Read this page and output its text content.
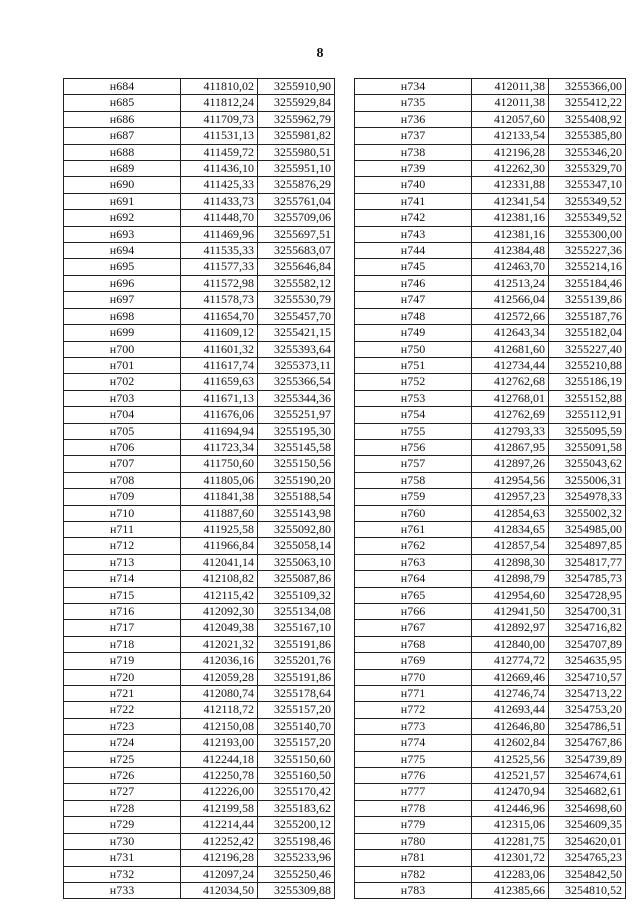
8
н684	411810,02	3255910,90
н685	411812,24	3255929,84
н686	411709,73	3255962,79
н687	411531,13	3255981,82
н688	411459,72	3255980,51
н689	411436,10	3255951,10
н690	411425,33	3255876,29
н691	411433,73	3255761,04
н692	411448,70	3255709,06
н693	411469,96	3255697,51
н694	411535,33	3255683,07
н695	411577,33	3255646,84
н696	411572,98	3255582,12
н697	411578,73	3255530,79
н698	411654,70	3255457,70
н699	411609,12	3255421,15
н700	411601,32	3255393,64
н701	411617,74	3255373,11
н702	411659,63	3255366,54
н703	411671,13	3255344,36
н704	411676,06	3255251,97
н705	411694,94	3255195,30
н706	411723,34	3255145,58
н707	411750,60	3255150,56
н708	411805,06	3255190,20
н709	411841,38	3255188,54
н710	411887,60	3255143,98
н711	411925,58	3255092,80
н712	411966,84	3255058,14
н713	412041,14	3255063,10
н714	412108,82	3255087,86
н715	412115,42	3255109,32
н716	412092,30	3255134,08
н717	412049,38	3255167,10
н718	412021,32	3255191,86
н719	412036,16	3255201,76
н720	412059,28	3255191,86
н721	412080,74	3255178,64
н722	412118,72	3255157,20
н723	412150,08	3255140,70
н724	412193,00	3255157,20
н725	412244,18	3255150,60
н726	412250,78	3255160,50
н727	412226,00	3255170,42
н728	412199,58	3255183,62
н729	412214,44	3255200,12
н730	412252,42	3255198,46
н731	412196,28	3255233,96
н732	412097,24	3255250,46
н733	412034,50	3255309,88
н734	412011,38	3255366,00
н735	412011,38	3255412,22
н736	412057,60	3255408,92
н737	412133,54	3255385,80
н738	412196,28	3255346,20
н739	412262,30	3255329,70
н740	412331,88	3255347,10
н741	412341,54	3255349,52
н742	412381,16	3255349,52
н743	412381,16	3255300,00
н744	412384,48	3255227,36
н745	412463,70	3255214,16
н746	412513,24	3255184,46
н747	412566,04	3255139,86
н748	412572,66	3255187,76
н749	412643,34	3255182,04
н750	412681,60	3255227,40
н751	412734,44	3255210,88
н752	412762,68	3255186,19
н753	412768,01	3255152,88
н754	412762,69	3255112,91
н755	412793,33	3255095,59
н756	412867,95	3255091,58
н757	412897,26	3255043,62
н758	412954,56	3255006,31
н759	412957,23	3254978,33
н760	412854,63	3255002,32
н761	412834,65	3254985,00
н762	412857,54	3254897,85
н763	412898,30	3254817,77
н764	412898,79	3254785,73
н765	412954,60	3254728,95
н766	412941,50	3254700,31
н767	412892,97	3254716,82
н768	412840,00	3254707,89
н769	412774,72	3254635,95
н770	412669,46	3254710,57
н771	412746,74	3254713,22
н772	412693,44	3254753,20
н773	412646,80	3254786,51
н774	412602,84	3254767,86
н775	412525,56	3254739,89
н776	412521,57	3254674,61
н777	412470,94	3254682,61
н778	412446,96	3254698,60
н779	412315,06	3254609,35
н780	412281,75	3254620,01
н781	412301,72	3254765,23
н782	412283,06	3254842,50
н783	412385,66	3254810,52
